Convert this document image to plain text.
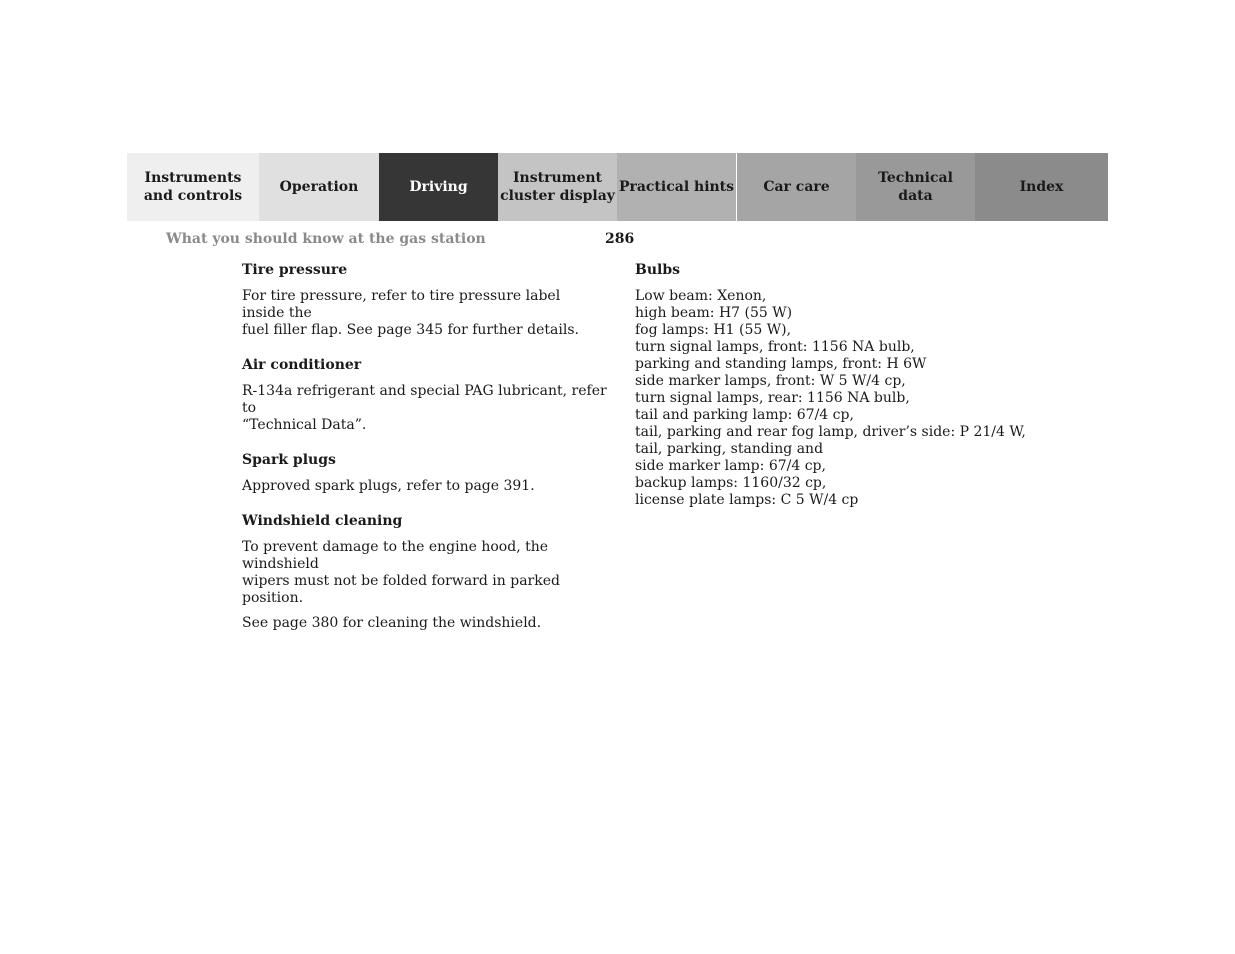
Instruments
and controls
Operation	Driving
Instrument
cluster display
Practical hints	Car care
Technical
data
Index
What you should know at the gas station	286
Tire pressure
For tire pressure, refer to tire pressure label inside the
fuel filler flap. See page 345 for further details.
Air conditioner
R-134a refrigerant and special PAG lubricant, refer to
“Technical Data”.
Spark plugs
Approved spark plugs, refer to page 391.
Windshield cleaning
To prevent damage to the engine hood, the windshield
wipers must not be folded forward in parked position.
See page 380 for cleaning the windshield.
Bulbs
Low beam: Xenon,
high beam: H7 (55 W)
fog lamps: H1 (55 W),
turn signal lamps, front: 1156 NA bulb,
parking and standing lamps, front: H 6W
side marker lamps, front: W 5 W/4 cp,
turn signal lamps, rear: 1156 NA bulb,
tail and parking lamp: 67/4 cp,
tail, parking and rear fog lamp, driver’s side: P 21/4 W,
tail, parking, standing and
side marker lamp: 67/4 cp,
backup lamps: 1160/32 cp,
license plate lamps: C 5 W/4 cp
